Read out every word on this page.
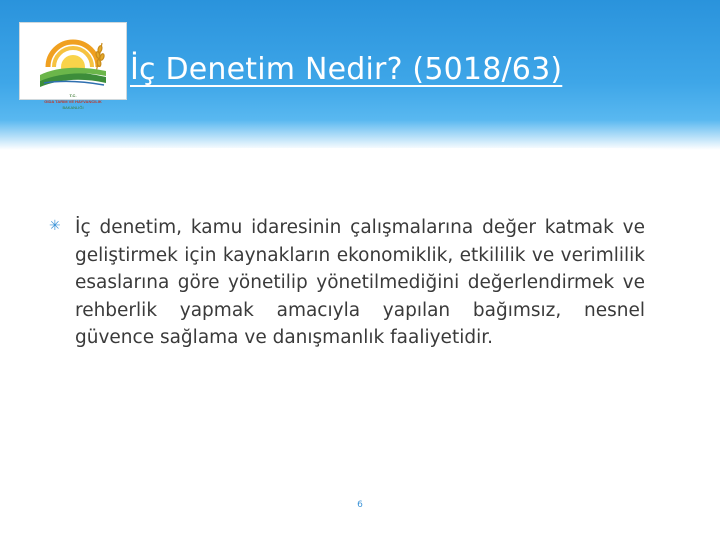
T.C.
GIDA TARIM VE HAYVANCILIK
BAKANLIĞI
İç Denetim Nedir? (5018/63)
✳ İç denetim, kamu idaresinin çalışmalarına değer katmak ve geliştirmek için kaynakların ekonomiklik, etkililik ve verimlilik esaslarına göre yönetilip yönetilmediğini değerlendirmek ve rehberlik yapmak amacıyla yapılan bağımsız, nesnel güvence sağlama ve danışmanlık faaliyetidir.

6
